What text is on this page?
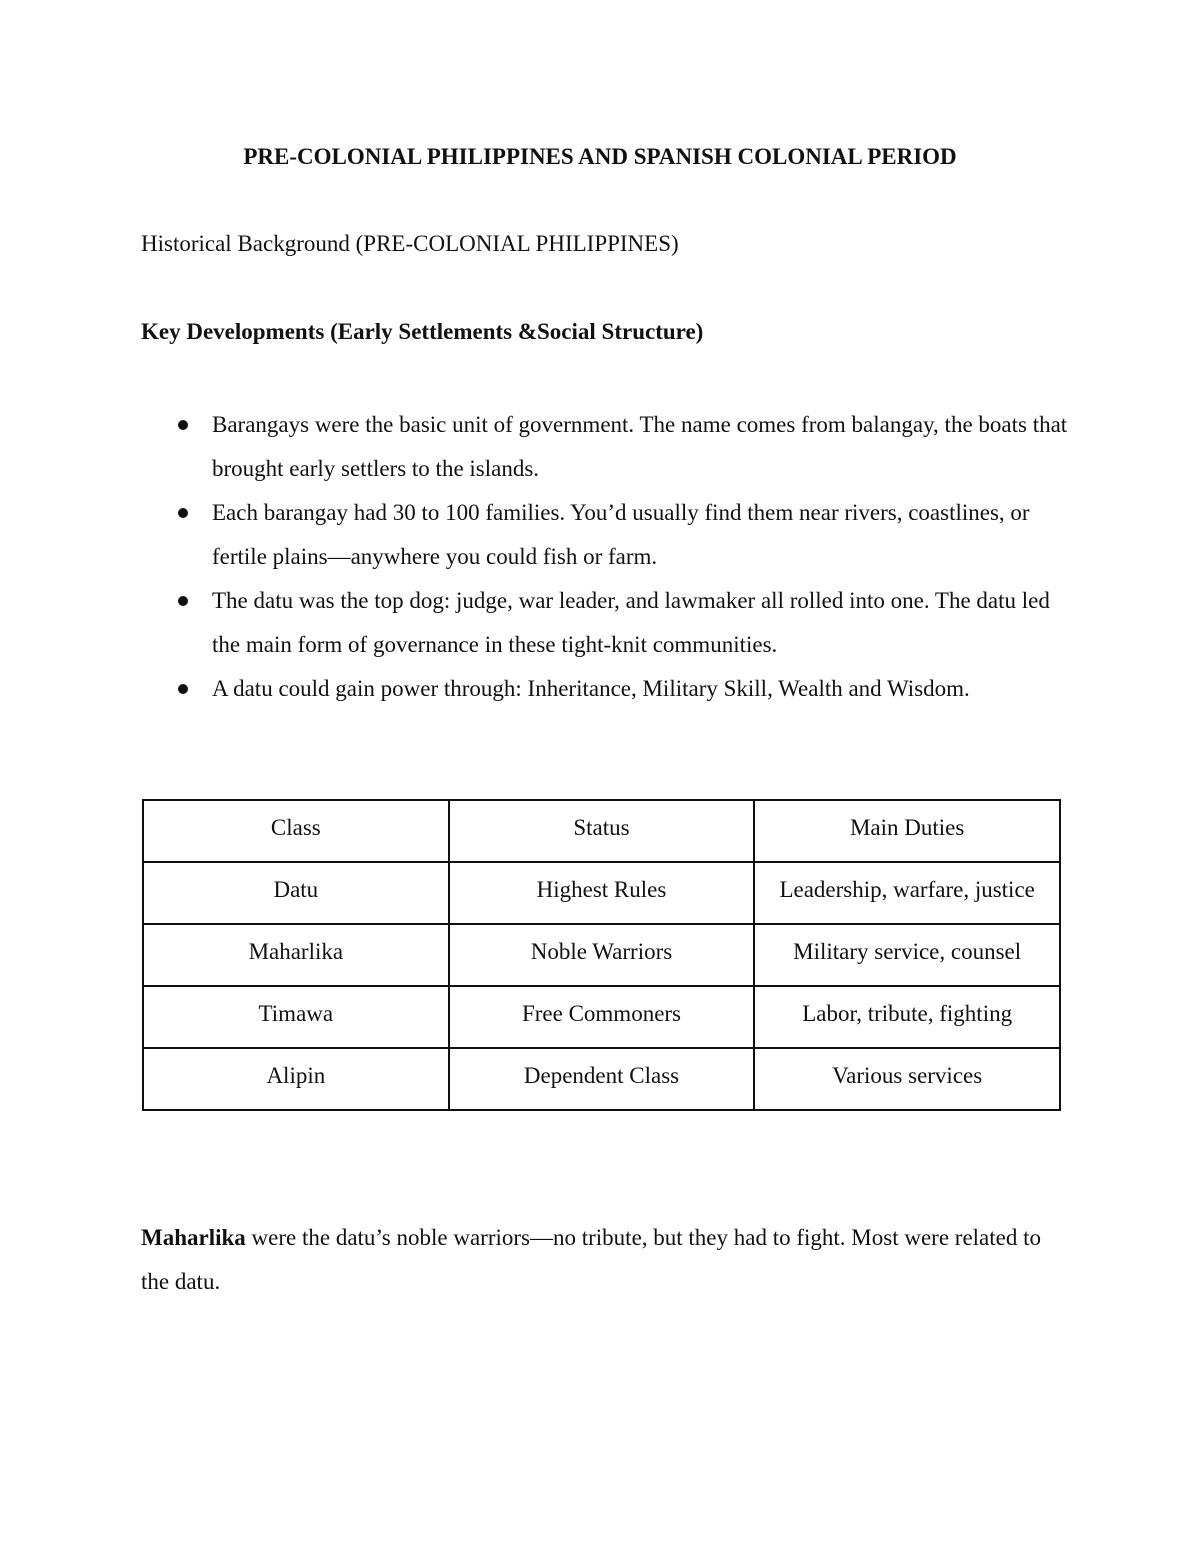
PRE-COLONIAL PHILIPPINES AND SPANISH COLONIAL PERIOD
Historical Background (PRE-COLONIAL PHILIPPINES)
Key Developments (Early Settlements &Social Structure)
Barangays were the basic unit of government. The name comes from balangay, the boats that brought early settlers to the islands.
Each barangay had 30 to 100 families. You’d usually find them near rivers, coastlines, or fertile plains—anywhere you could fish or farm.
The datu was the top dog: judge, war leader, and lawmaker all rolled into one. The datu led the main form of governance in these tight-knit communities.
A datu could gain power through: Inheritance, Military Skill, Wealth and Wisdom.
Class	Status	Main Duties
Datu	Highest Rules	Leadership, warfare, justice
Maharlika	Noble Warriors	Military service, counsel
Timawa	Free Commoners	Labor, tribute, fighting
Alipin	Dependent Class	Various services
Maharlika were the datu’s noble warriors—no tribute, but they had to fight. Most were related to the datu.
